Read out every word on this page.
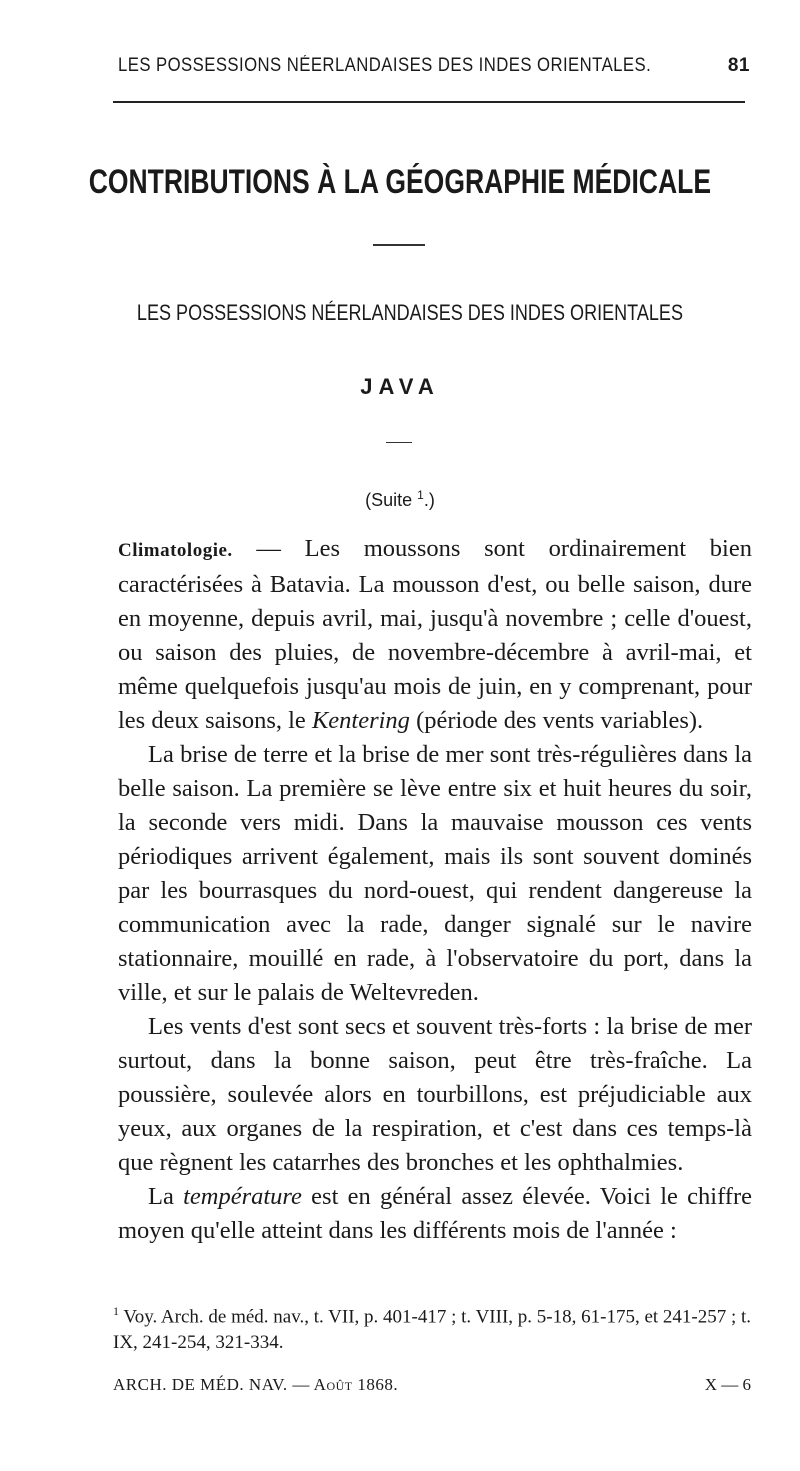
LES POSSESSIONS NÉERLANDAISES DES INDES ORIENTALES.	81
CONTRIBUTIONS À LA GÉOGRAPHIE MÉDICALE
LES POSSESSIONS NÉERLANDAISES DES INDES ORIENTALES
JAVA
(Suite $^1$.)

Climatologie. — Les moussons sont ordinairement bien caractérisées à Batavia. La mousson d'est, ou belle saison, dure en moyenne, depuis avril, mai, jusqu'à novembre ; celle d'ouest, ou saison des pluies, de novembre-décembre à avril-mai, et même quelquefois jusqu'au mois de juin, en y comprenant, pour les deux saisons, le Kentering (période des vents variables).

La brise de terre et la brise de mer sont très-régulières dans la belle saison. La première se lève entre six et huit heures du soir, la seconde vers midi. Dans la mauvaise mousson ces vents périodiques arrivent également, mais ils sont souvent dominés par les bourrasques du nord-ouest, qui rendent dangereuse la communication avec la rade, danger signalé sur le navire stationnaire, mouillé en rade, à l'observatoire du port, dans la ville, et sur le palais de Weltevreden.

Les vents d'est sont secs et souvent très-forts : la brise de mer surtout, dans la bonne saison, peut être très-fraîche. La poussière, soulevée alors en tourbillons, est préjudiciable aux yeux, aux organes de la respiration, et c'est dans ces temps-là que règnent les catarrhes des bronches et les ophthalmies.

La température est en général assez élevée. Voici le chiffre moyen qu'elle atteint dans les différents mois de l'année :

$^1$ Voy. Arch. de méd. nav., t. VII, p. 401-417 ; t. VIII, p. 5-18, 61-175, et 241-257 ; t. IX, 241-254, 321-334.
ARCH. DE MÉD. NAV. — Août 1868.	X — 6
